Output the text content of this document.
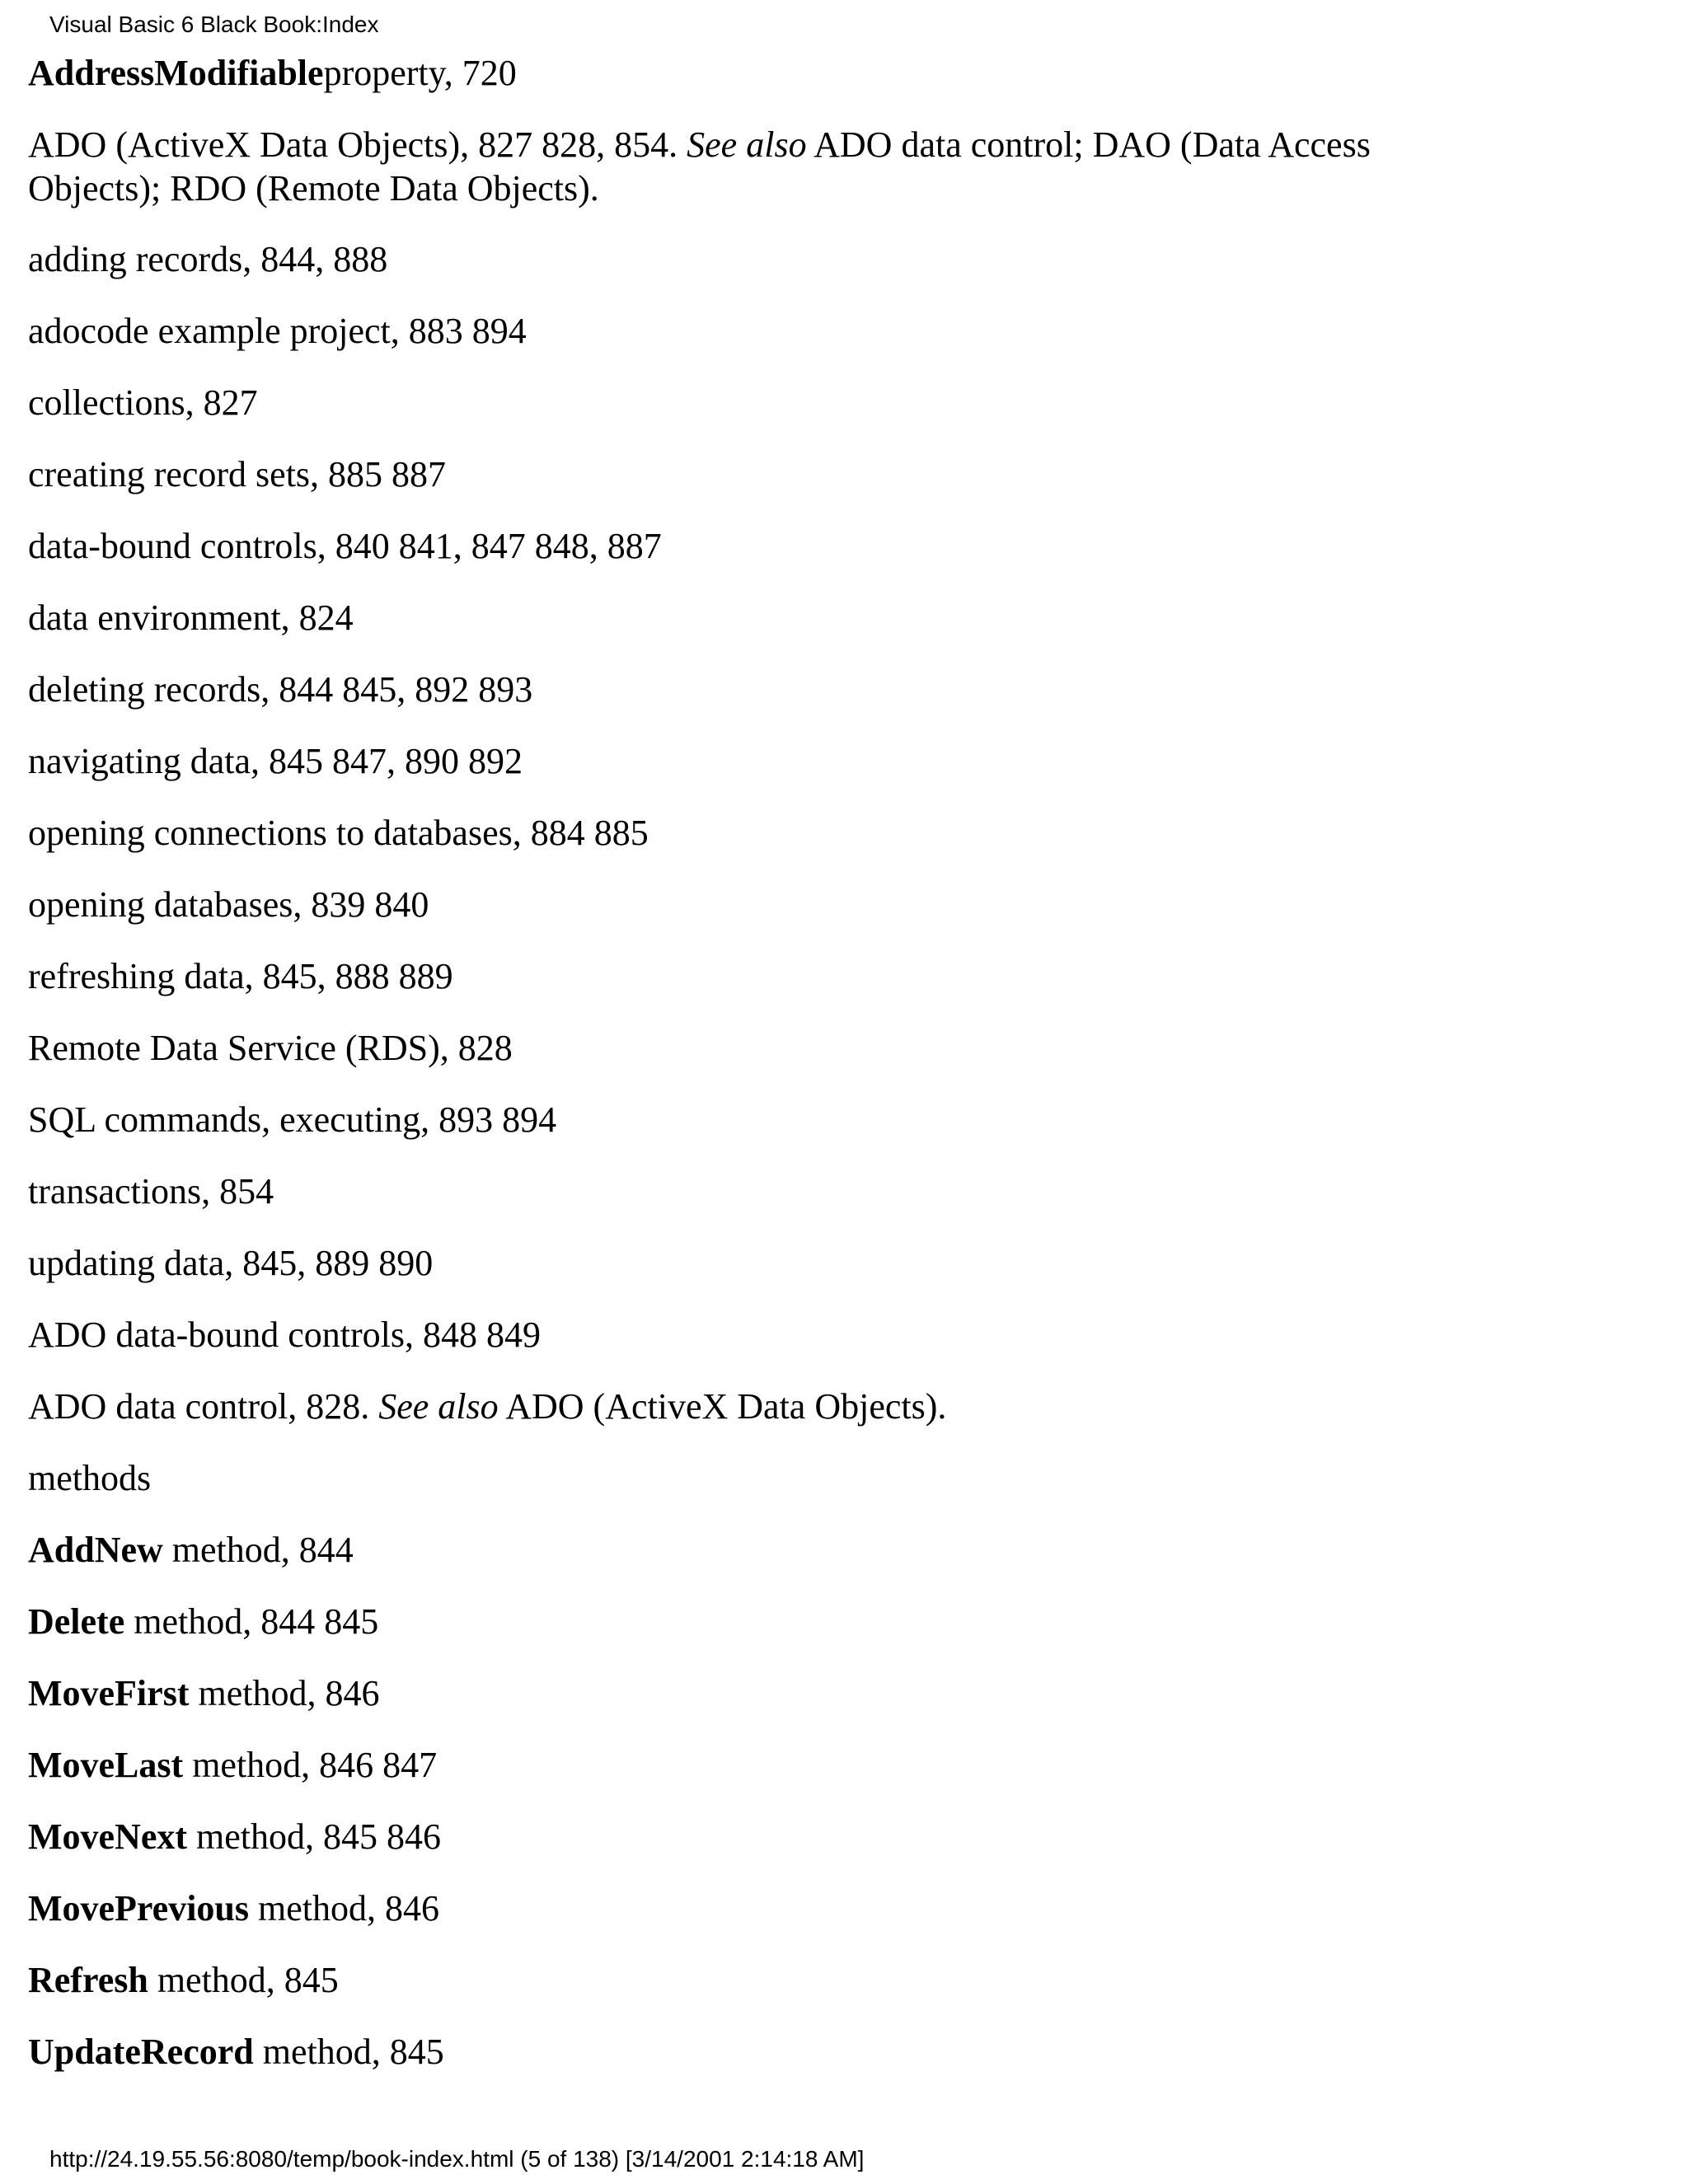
Visual Basic 6 Black Book:Index
AddressModifiableproperty, 720
ADO (ActiveX Data Objects), 827 828, 854. See also ADO data control; DAO (Data Access Objects); RDO (Remote Data Objects).
adding records, 844, 888
adocode example project, 883 894
collections, 827
creating record sets, 885 887
data-bound controls, 840 841, 847 848, 887
data environment, 824
deleting records, 844 845, 892 893
navigating data, 845 847, 890 892
opening connections to databases, 884 885
opening databases, 839 840
refreshing data, 845, 888 889
Remote Data Service (RDS), 828
SQL commands, executing, 893 894
transactions, 854
updating data, 845, 889 890
ADO data-bound controls, 848 849
ADO data control, 828. See also ADO (ActiveX Data Objects).
methods
AddNew method, 844
Delete method, 844 845
MoveFirst method, 846
MoveLast method, 846 847
MoveNext method, 845 846
MovePrevious method, 846
Refresh method, 845
UpdateRecord method, 845
http://24.19.55.56:8080/temp/book-index.html (5 of 138) [3/14/2001 2:14:18 AM]
